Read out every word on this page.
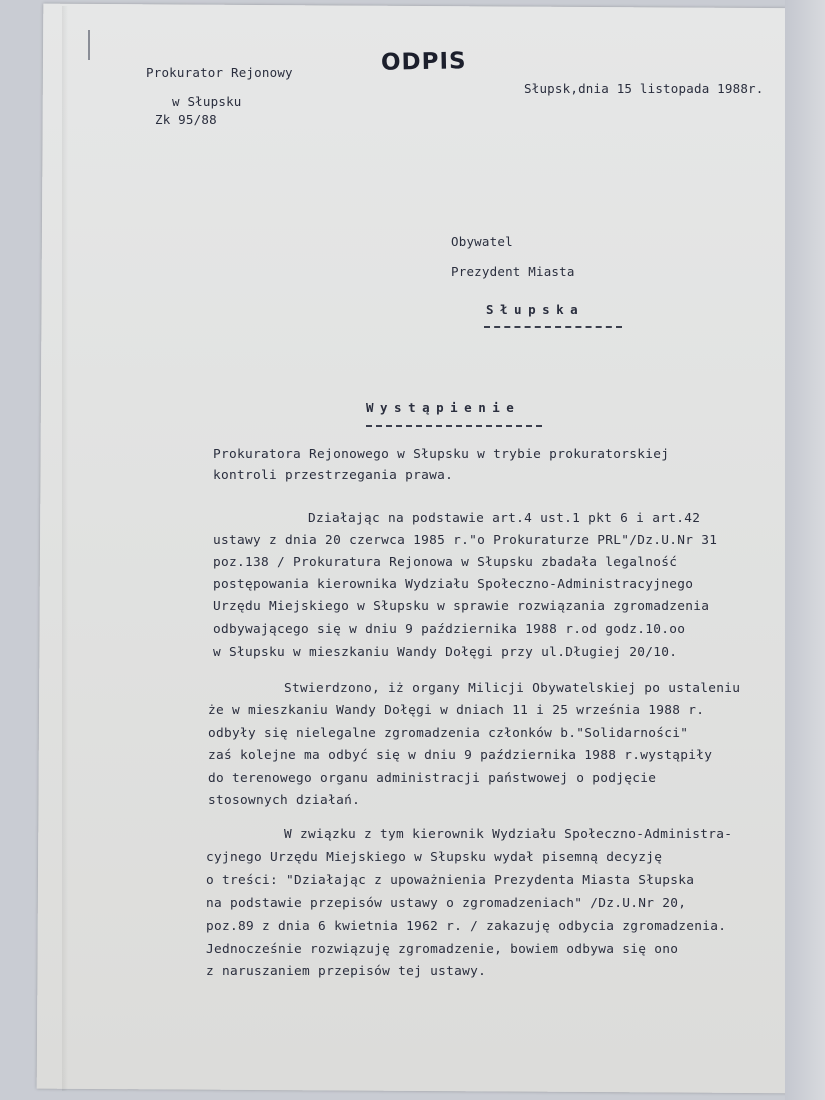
ODPIS
Prokurator Rejonowy
w Słupsku
Zk 95/88
Słupsk,dnia 15 listopada 1988r.
Obywatel
Prezydent Miasta
Słupska
Wystąpienie
Prokuratora Rejonowego w Słupsku w trybie prokuratorskiej
kontroli przestrzegania prawa.
Działając na podstawie art.4 ust.1 pkt 6 i art.42
ustawy z dnia 20 czerwca 1985 r."o Prokuraturze PRL"/Dz.U.Nr 31
poz.138 / Prokuratura Rejonowa w Słupsku zbadała legalność
postępowania kierownika Wydziału Społeczno-Administracyjnego
Urzędu Miejskiego w Słupsku w sprawie rozwiązania zgromadzenia
odbywającego się w dniu 9 października 1988 r.od godz.10.oo
w Słupsku w mieszkaniu Wandy Dołęgi przy ul.Długiej 20/10.
Stwierdzono, iż organy Milicji Obywatelskiej po ustaleniu
że w mieszkaniu Wandy Dołęgi w dniach 11 i 25 września 1988 r.
odbyły się nielegalne zgromadzenia członków b."Solidarności"
zaś kolejne ma odbyć się w dniu 9 października 1988 r.wystąpiły
do terenowego organu administracji państwowej o podjęcie
stosownych działań.
W związku z tym kierownik Wydziału Społeczno-Administra-
cyjnego Urzędu Miejskiego w Słupsku wydał pisemną decyzję
o treści: "Działając z upoważnienia Prezydenta Miasta Słupska
na podstawie przepisów ustawy o zgromadzeniach" /Dz.U.Nr 20,
poz.89 z dnia 6 kwietnia 1962 r. / zakazuję odbycia zgromadzenia.
Jednocześnie rozwiązuję zgromadzenie, bowiem odbywa się ono
z naruszaniem przepisów tej ustawy.
